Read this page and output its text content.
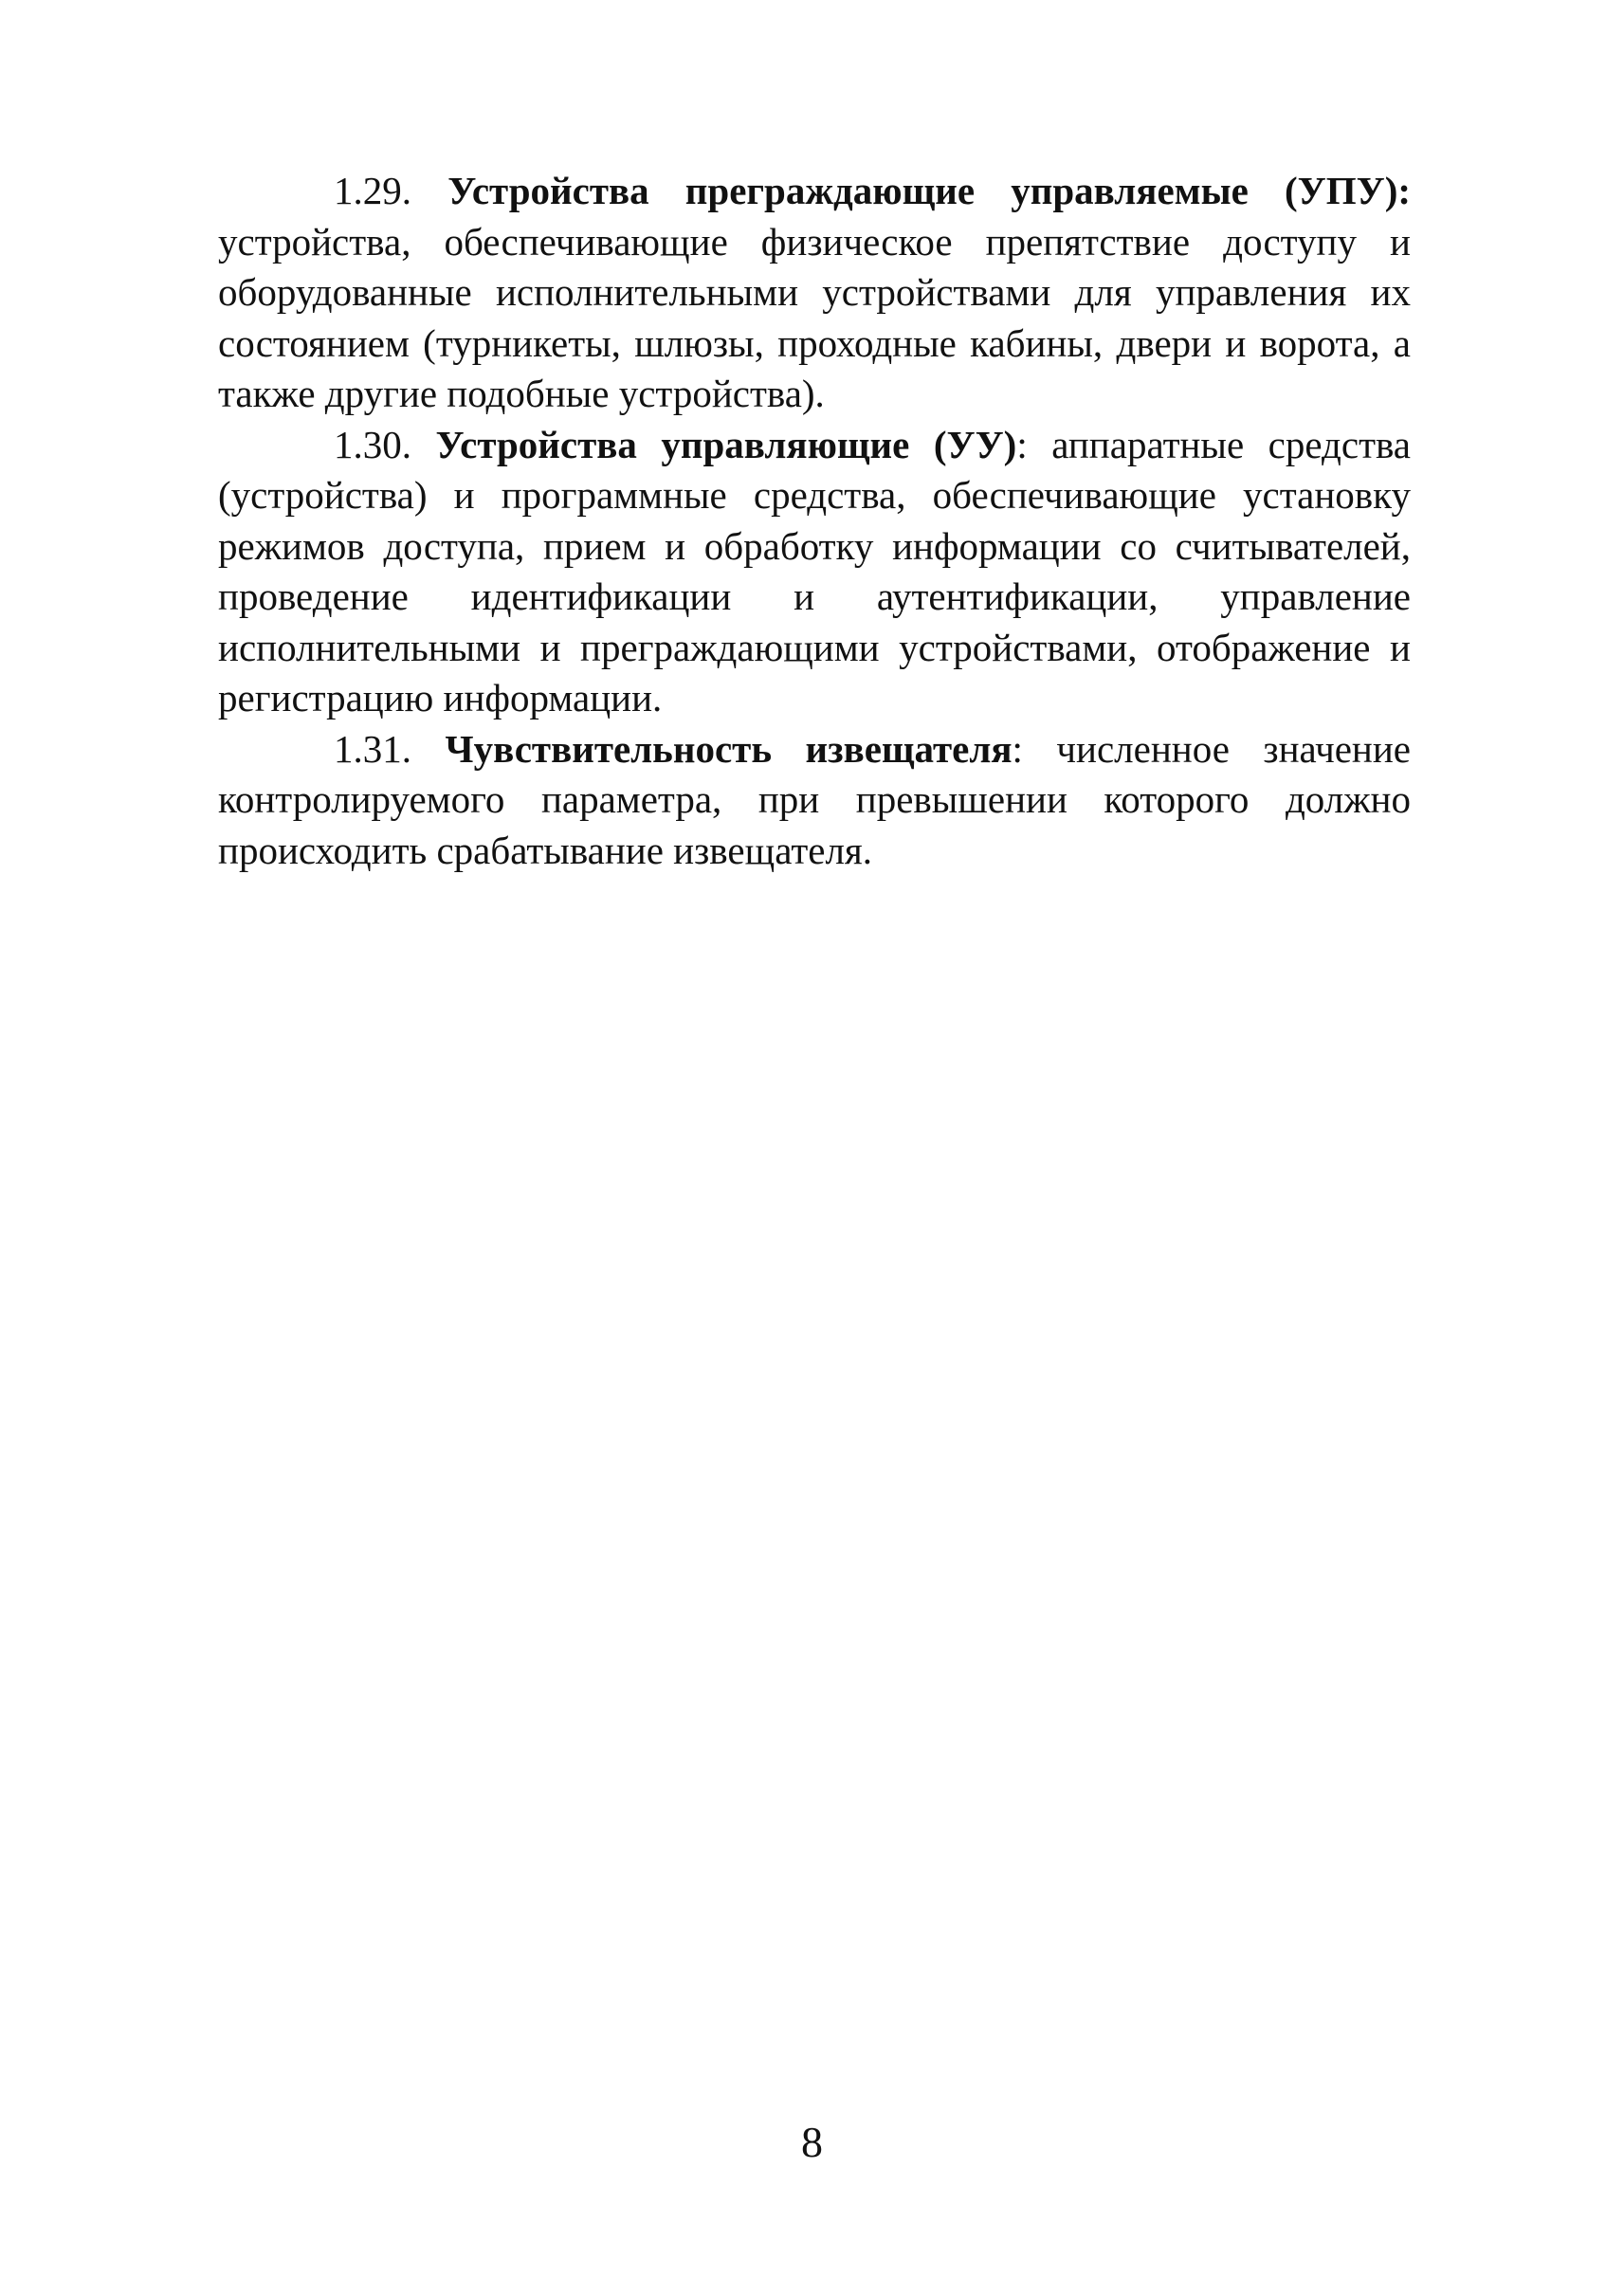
1.29. Устройства преграждающие управляемые (УПУ): устройства, обеспечивающие физическое препятствие доступу и оборудованные исполнительными устройствами для управления их состоянием (турникеты, шлюзы, проходные кабины, двери и ворота, а также другие подобные устройства).

1.30. Устройства управляющие (УУ): аппаратные средства (устройства) и программные средства, обеспечивающие установку режимов доступа, прием и обработку информации со считывателей, проведение идентификации и аутентификации, управление исполнительными и преграждающими устройствами, отображение и регистрацию информации.

1.31. Чувствительность извещателя: численное значение контролируемого параметра, при превышении которого должно происходить срабатывание извещателя.

8
